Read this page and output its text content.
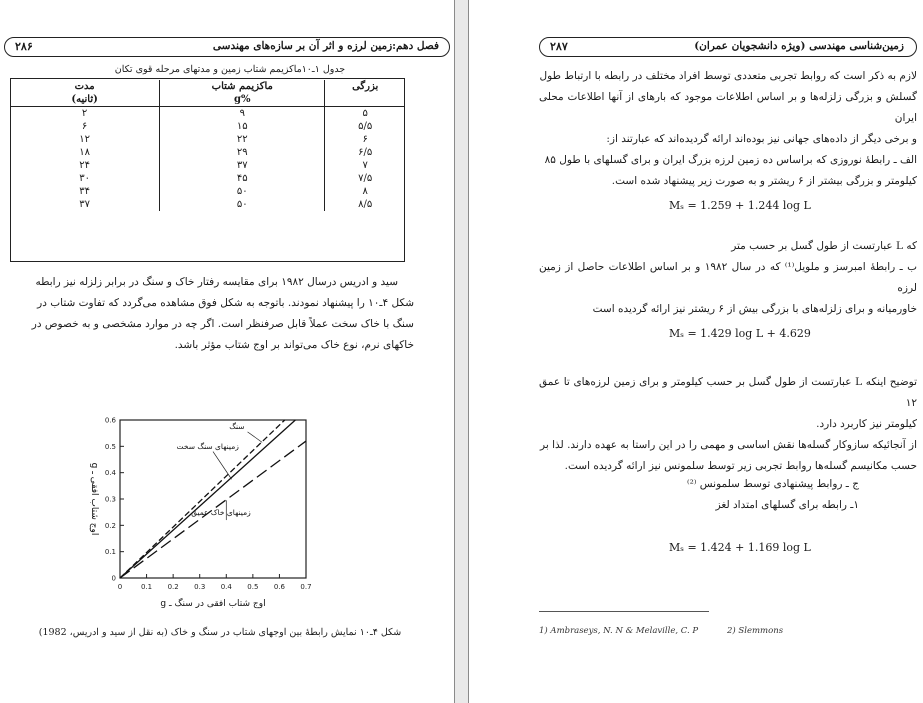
۲۸۶	فصل دهم:زمین لرزه و اثر آن بر سازه‌های مهندسی
جدول ۱ـ۱۰ماکزیمم شتاب زمین و مدتهای مرحله قوی تکان
بزرگی	ماکزیمم شتاب	مدت
	%g	(ثانیه)
۵	۹	۲
۵/۵	۱۵	۶
۶	۲۲	۱۲
۶/۵	۲۹	۱۸
۷	۳۷	۲۴
۷/۵	۴۵	۳۰
۸	۵۰	۳۴
۸/۵	۵۰	۳۷
سید و ادریس درسال ۱۹۸۲ برای مقایسه رفتار خاک و سنگ در برابر زلزله نیز رابطه
شکل ۴ـ۱۰ را پیشنهاد نمودند. باتوجه به شکل فوق مشاهده می‌گردد که تفاوت شتاب در
سنگ با خاک سخت عملاً قابل صرفنظر است. اگر چه در موارد مشخصی و به خصوص در
خاکهای نرم، نوع خاک می‌تواند بر اوج شتاب مؤثر باشد.
0	0.1 0.2 0.3 0.4 0.5 0.6 0.7
0
0.1
0.2
0.3
0.4
0.5
0.6
سنگ
زمینهای سنگ سخت
زمینهای خاک عمیق
اوج شتاب افقی در سنگ ـ g
اوج شتاب افقی ـ g
شکل ۴ـ۱۰ نمایش رابطهٔ بین اوجهای شتاب در سنگ و خاک (به نقل از سید و ادریس، 1982)
۲۸۷	زمین‌شناسی مهندسی (ویژه دانشجویان عمران)
لازم به ذکر است که روابط تجربی متعددی توسط افراد مختلف در رابطه با ارتباط طول
گسلش و بزرگی زلزله‌ها و بر اساس اطلاعات موجود که بارهای از آنها اطلاعات محلی ایران
و برخی دیگر از داده‌های جهانی نیز بوده‌اند ارائه گردیده‌اند که عبارتند از:
الف ـ رابطهٔ نوروزی که براساس ده زمین لرزه بزرگ ایران و برای گسلهای با طول ۸۵
کیلومتر و بزرگی بیشتر از ۶ ریشتر و به صورت زیر پیشنهاد شده است.
Mₛ = 1.259 + 1.244 log L
که L عبارتست از طول گسل بر حسب متر
ب ـ رابطهٔ امبرسز و ملویل⁽¹⁾ که در سال ۱۹۸۲ و بر اساس اطلاعات حاصل از زمین لرزه
خاورمیانه و برای زلزله‌های با بزرگی بیش از ۶ ریشتر نیز ارائه گردیده است
Mₛ = 1.429 log L + 4.629
توضیح اینکه L عبارتست از طول گسل بر حسب کیلومتر و برای زمین لرزه‌های تا عمق ۱۲
کیلومتر نیز کاربرد دارد.
از آنجائیکه سازوکار گسله‌ها نقش اساسی و مهمی را در این راستا به عهده دارند. لذا بر
حسب مکانیسم گسله‌ها روابط تجربی زیر توسط سلمونس نیز ارائه گردیده است.
ج ـ روابط پیشنهادی توسط سلمونس ⁽²⁾
۱ـ رابطه برای گسلهای امتداد لغز
Mₛ = 1.424 + 1.169 log L
1) Ambraseys, N. N & Melaville, C. P	2) Slemmons
